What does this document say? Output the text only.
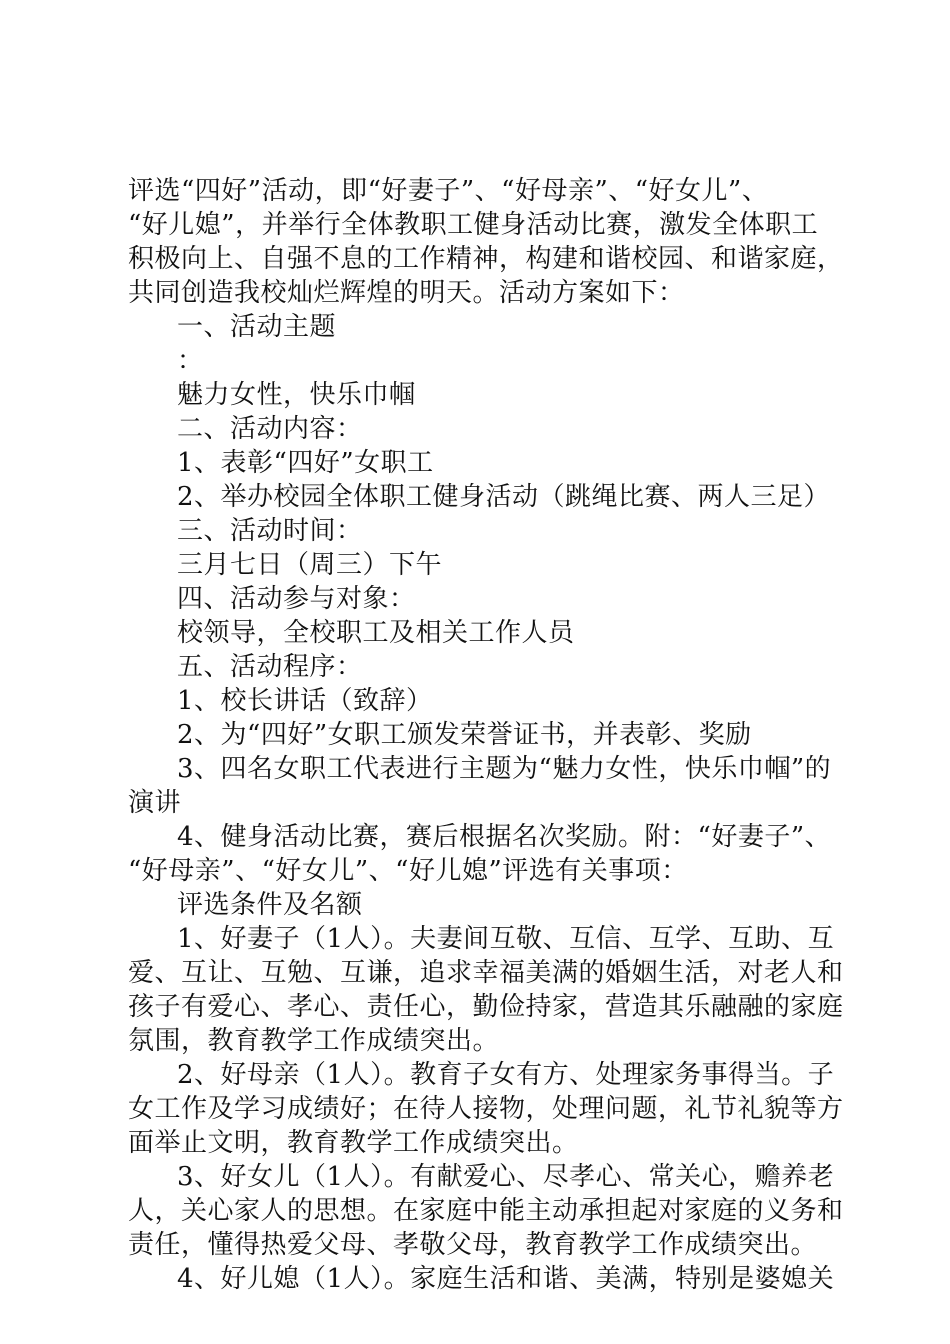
评选“四好”活动，即“好妻子”、“好母亲”、“好女儿”、
“好儿媳”，并举行全体教职工健身活动比赛，激发全体职工
积极向上、自强不息的工作精神，构建和谐校园、和谐家庭，
共同创造我校灿烂辉煌的明天。活动方案如下：
一、活动主题
：
魅力女性，快乐巾帼
二、活动内容：
1、表彰“四好”女职工
2、举办校园全体职工健身活动（跳绳比赛、两人三足）
三、活动时间：
三月七日（周三）下午
四、活动参与对象：
校领导，全校职工及相关工作人员
五、活动程序：
1、校长讲话（致辞）
2、为“四好”女职工颁发荣誉证书，并表彰、奖励
3、四名女职工代表进行主题为“魅力女性，快乐巾帼”的
演讲
4、健身活动比赛，赛后根据名次奖励。附：“好妻子”、
“好母亲”、“好女儿”、“好儿媳”评选有关事项：
评选条件及名额
1、好妻子（1人）。夫妻间互敬、互信、互学、互助、互
爱、互让、互勉、互谦，追求幸福美满的婚姻生活，对老人和
孩子有爱心、孝心、责任心，勤俭持家，营造其乐融融的家庭
氛围，教育教学工作成绩突出。
2、好母亲（1人）。教育子女有方、处理家务事得当。子
女工作及学习成绩好；在待人接物，处理问题，礼节礼貌等方
面举止文明，教育教学工作成绩突出。
3、好女儿（1人）。有献爱心、尽孝心、常关心，赡养老
人，关心家人的思想。在家庭中能主动承担起对家庭的义务和
责任，懂得热爱父母、孝敬父母，教育教学工作成绩突出。
4、好儿媳（1人）。家庭生活和谐、美满，特别是婆媳关
